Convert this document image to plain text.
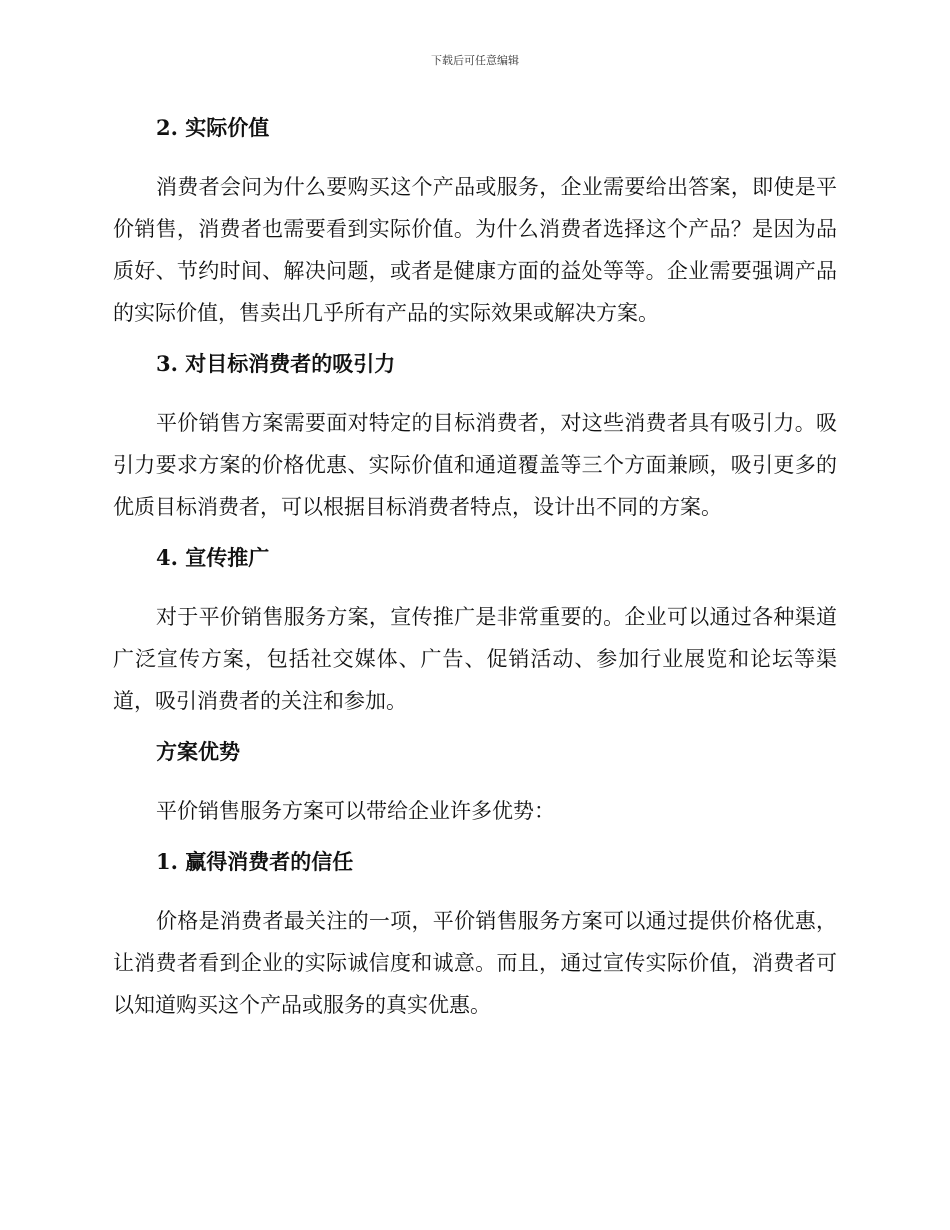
下载后可任意编辑
2. 实际价值

消费者会问为什么要购买这个产品或服务，企业需要给出答案，即使是平价销售，消费者也需要看到实际价值。为什么消费者选择这个产品？是因为品质好、节约时间、解决问题，或者是健康方面的益处等等。企业需要强调产品的实际价值，售卖出几乎所有产品的实际效果或解决方案。

3. 对目标消费者的吸引力

平价销售方案需要面对特定的目标消费者，对这些消费者具有吸引力。吸引力要求方案的价格优惠、实际价值和通道覆盖等三个方面兼顾，吸引更多的优质目标消费者，可以根据目标消费者特点，设计出不同的方案。

4. 宣传推广

对于平价销售服务方案，宣传推广是非常重要的。企业可以通过各种渠道广泛宣传方案，包括社交媒体、广告、促销活动、参加行业展览和论坛等渠道，吸引消费者的关注和参加。

方案优势

平价销售服务方案可以带给企业许多优势：

1. 赢得消费者的信任

价格是消费者最关注的一项，平价销售服务方案可以通过提供价格优惠，让消费者看到企业的实际诚信度和诚意。而且，通过宣传实际价值，消费者可以知道购买这个产品或服务的真实优惠。
